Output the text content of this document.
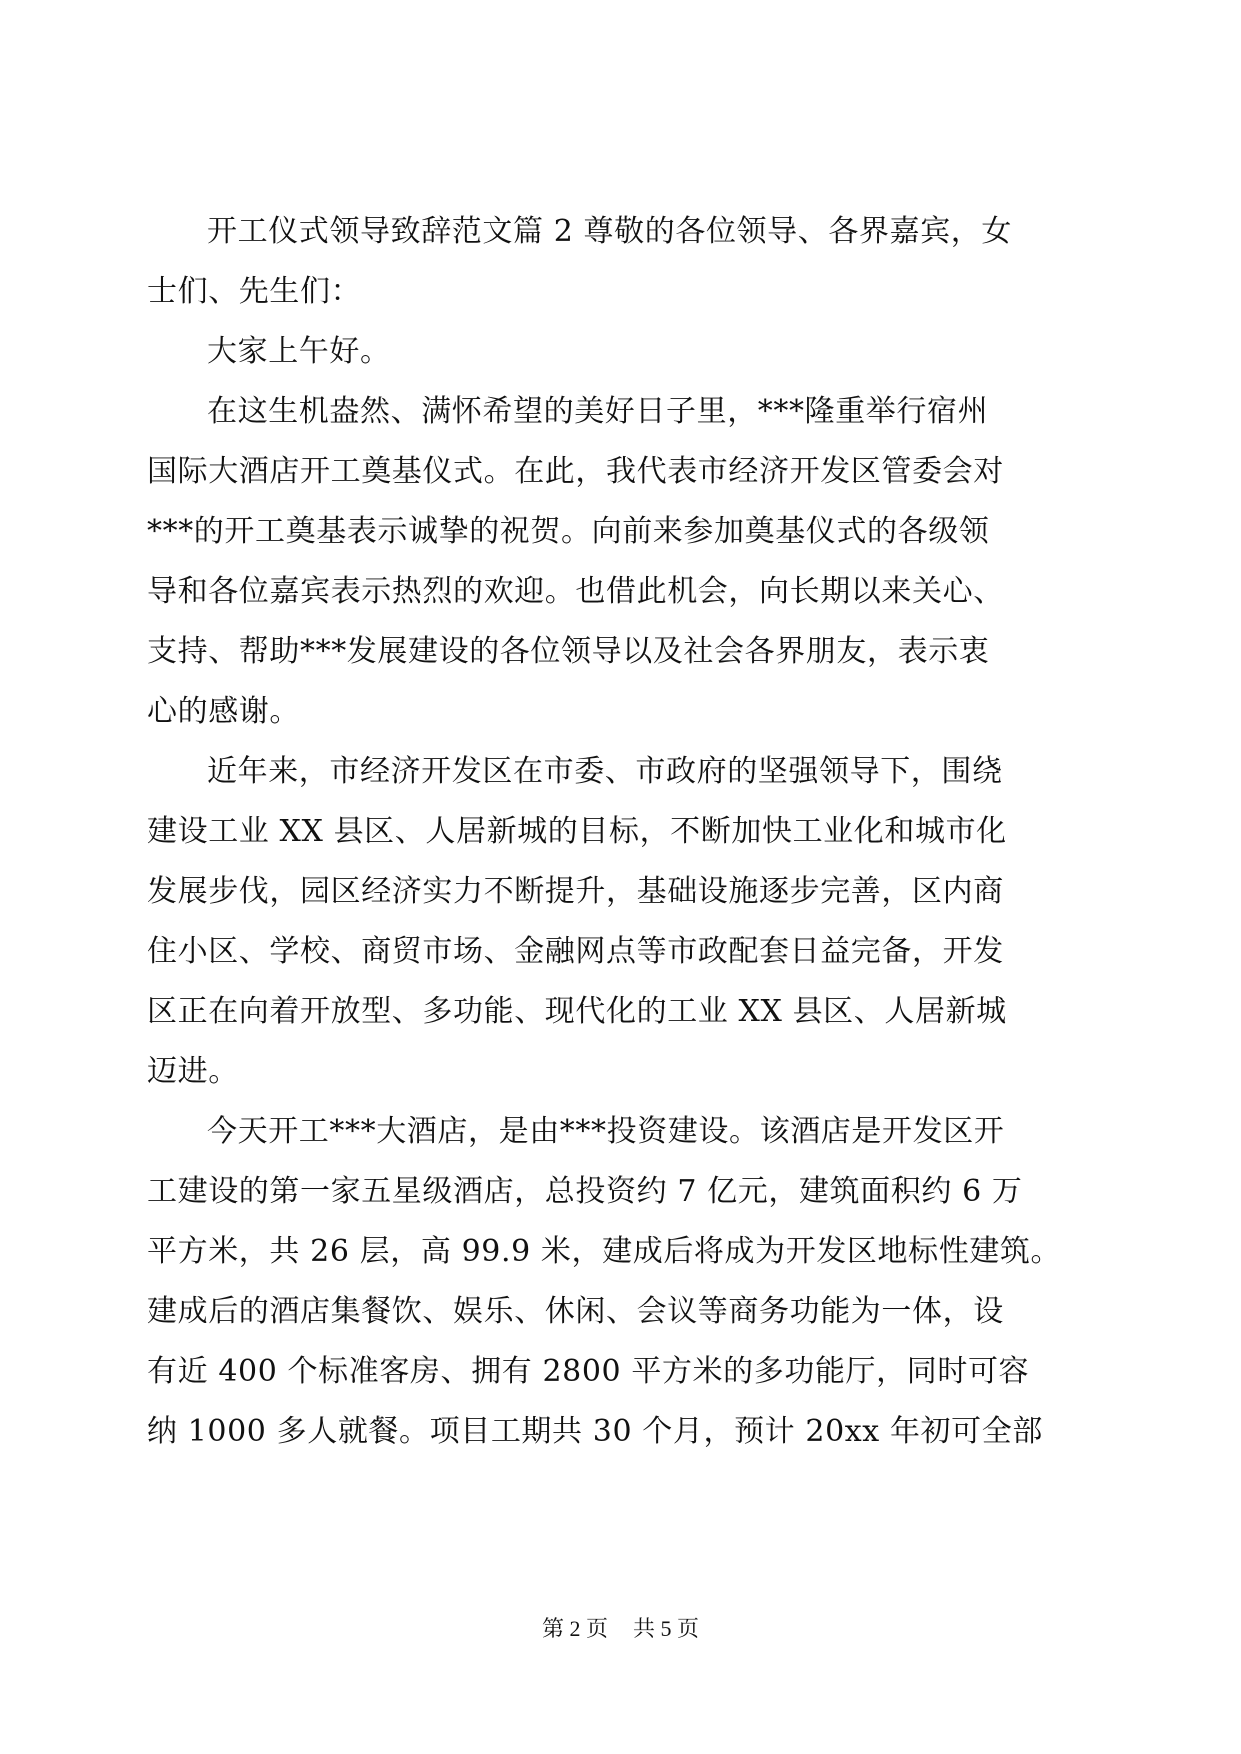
开工仪式领导致辞范文篇 2 尊敬的各位领导、各界嘉宾，女
士们、先生们：
大家上午好。
在这生机盎然、满怀希望的美好日子里，***隆重举行宿州
国际大酒店开工奠基仪式。在此，我代表市经济开发区管委会对
***的开工奠基表示诚挚的祝贺。向前来参加奠基仪式的各级领
导和各位嘉宾表示热烈的欢迎。也借此机会，向长期以来关心、
支持、帮助***发展建设的各位领导以及社会各界朋友，表示衷
心的感谢。
近年来，市经济开发区在市委、市政府的坚强领导下，围绕
建设工业 XX 县区、人居新城的目标，不断加快工业化和城市化
发展步伐，园区经济实力不断提升，基础设施逐步完善，区内商
住小区、学校、商贸市场、金融网点等市政配套日益完备，开发
区正在向着开放型、多功能、现代化的工业 XX 县区、人居新城
迈进。
今天开工***大酒店，是由***投资建设。该酒店是开发区开
工建设的第一家五星级酒店，总投资约 7 亿元，建筑面积约 6 万
平方米，共 26 层，高 99.9 米，建成后将成为开发区地标性建筑。
建成后的酒店集餐饮、娱乐、休闲、会议等商务功能为一体，设
有近 400 个标准客房、拥有 2800 平方米的多功能厅，同时可容
纳 1000 多人就餐。项目工期共 30 个月，预计 20xx 年初可全部
第 2 页 共 5 页
